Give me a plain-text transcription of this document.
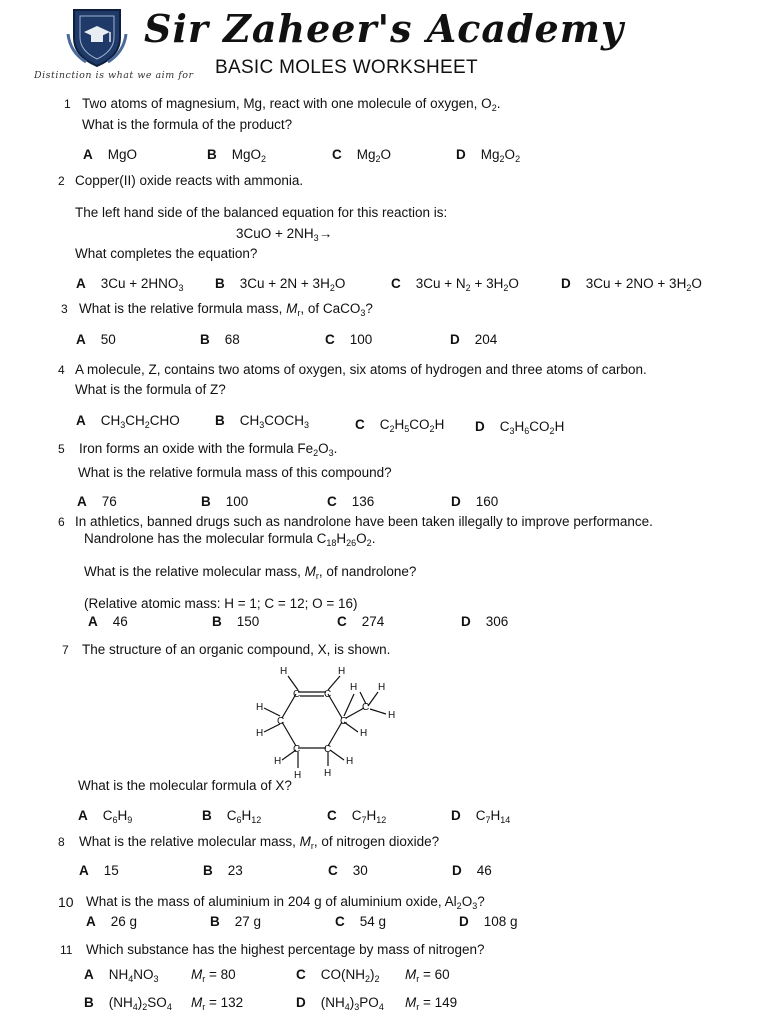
Sir Zaheer's Academy
Distinction is what we aim for BASIC MOLES WORKSHEET
1 Two atoms of magnesium, Mg, react with one molecule of oxygen, $O_2$.
What is the formula of the product?
A MgO	B MgO$_2$	C $Mg_2O$	D $Mg_2O_2$
2 Copper(II) oxide reacts with ammonia.
The left hand side of the balanced equation for this reaction is:
$3CuO + 2NH_3\to$
What completes the equation?
A $3Cu + 2HNO_3$ B $3Cu + 2N + 3H_2O$	C $3Cu + N_2 + 3H_2O$	D $3Cu + 2NO + 3H_2O$
3 What is the relative formula mass, $M_r$, of CaCO$_3$?
A 50	B 68	C 100	D 204
4 A molecule, Z, contains two atoms of oxygen, six atoms of hydrogen and three atoms of carbon.
What is the formula of Z?
A $CH_3CH_2CHO$	B $CH_3COCH_3$	C $C_2H_5CO_2H$ D $C_3H_6CO_2H$
5 Iron forms an oxide with the formula $Fe_2O_3$.
What is the relative formula mass of this compound?
A 76	B 100	C 136	D 160
6 In athletics, banned drugs such as nandrolone have been taken illegally to improve performance.
Nandrolone has the molecular formula $C_{18}H_{26}O_2$.
What is the relative molecular mass, $M_r$, of nandrolone?
(Relative atomic mass: H = 1; C = 12; O = 16)
A 46	B 150	C 274	D 306
7 The structure of an organic compound, X, is shown.
C C
C	C
C C
C
H	H
H
H
H
H H
H
H
H H
H
What is the molecular formula of X?
A $C_6H_9$	B $C_6H_{12}$	C $C_7H_{12}$	D $C_7H_{14}$
8 What is the relative molecular mass, $M_r$, of nitrogen dioxide?
A 15	B 23	C 30	D 46
10 What is the mass of aluminium in 204 g of aluminium oxide, $Al_2O_3$?
A 26 g	B 27 g	C 54 g	D 108 g
11 Which substance has the highest percentage by mass of nitrogen?
A $NH_4NO_3$ $M_r = 80$	C $CO(NH_2)_2$ $M_r = 60$
B $(NH_4)_2SO_4$ $M_r = 132$	D $(NH_4)_3PO_4$ $M_r = 149$
